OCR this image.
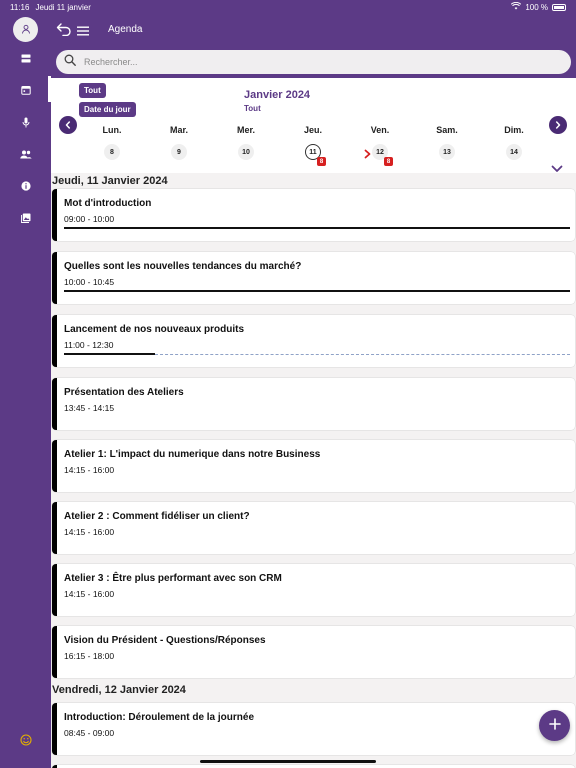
11:16 Jeudi 11 janvier	100 %
Agenda
Rechercher...
Tout
Date du jour
Janvier 2024
Tout
Lun.	Mar.	Mer.	Jeu.	Ven.	Sam.	Dim.
8	9	10	11	12	13	14
8	8
Jeudi, 11 Janvier 2024
Mot d'introduction
09:00 - 10:00
Quelles sont les nouvelles tendances du marché?
10:00 - 10:45
Lancement de nos nouveaux produits
11:00 - 12:30
Présentation des Ateliers
13:45 - 14:15
Atelier 1: L'impact du numerique dans notre Business
14:15 - 16:00
Atelier 2 : Comment fidéliser un client?
14:15 - 16:00
Atelier 3 : Être plus performant avec son CRM
14:15 - 16:00
Vision du Président - Questions/Réponses
16:15 - 18:00
Vendredi, 12 Janvier 2024
Introduction: Déroulement de la journée
08:45 - 09:00
